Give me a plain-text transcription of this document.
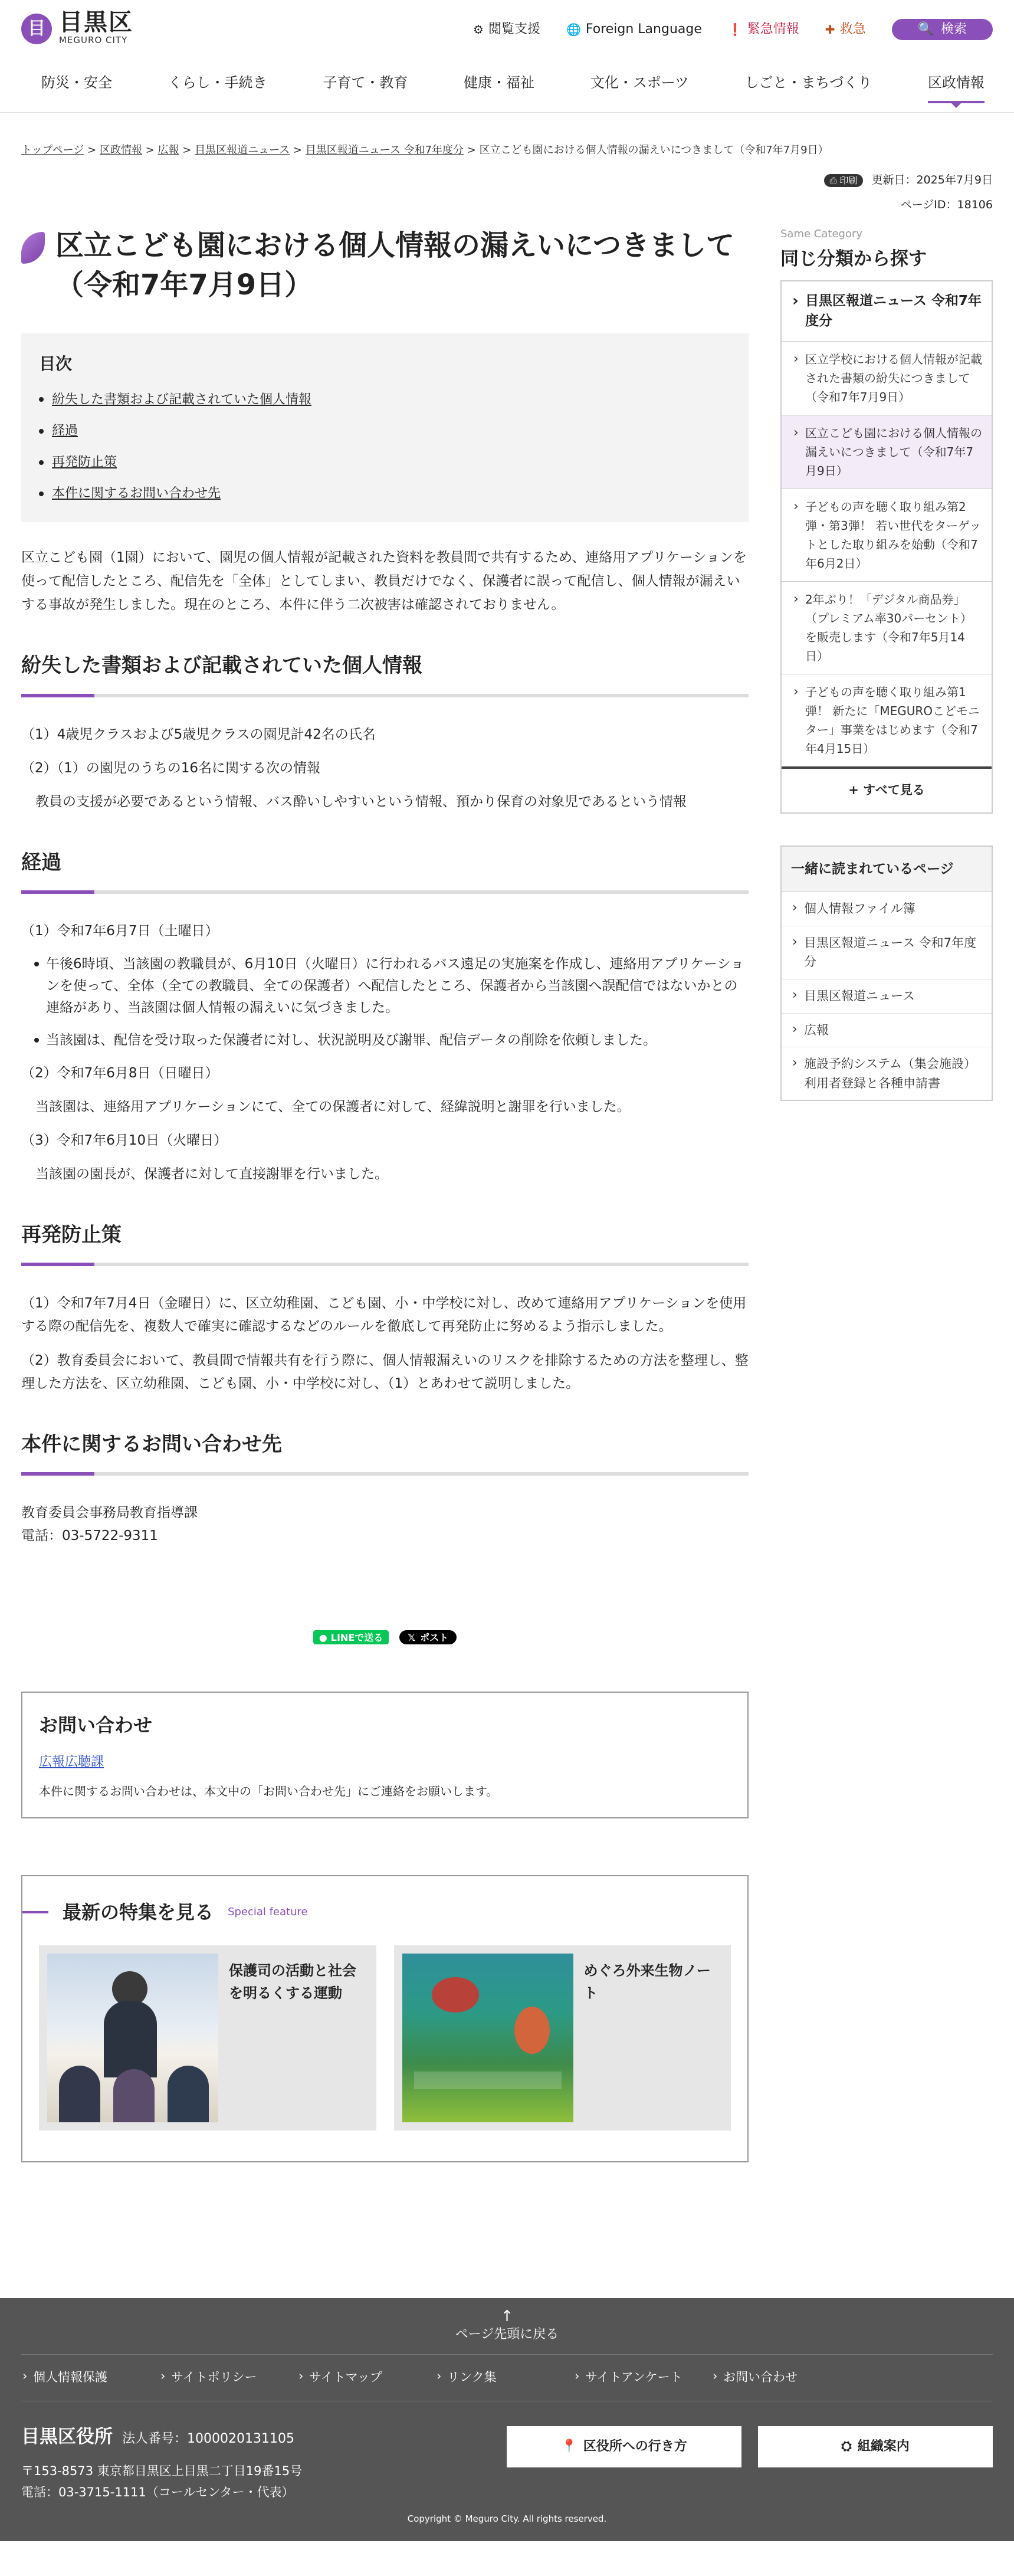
目 目黒区
MEGURO CITY
⚙ 閲覧支援 🌐 Foreign Language ❗ 緊急情報 ✚ 救急	🔍 検索
防災・安全	くらし・手続き	子育て・教育	健康・福祉	文化・スポーツ	しごと・まちづくり	区政情報
トップページ > 区政情報 > 広報 > 目黒区報道ニュース > 目黒区報道ニュース 令和7年度分 > 区立こども園における個人情報の漏えいにつきまして（令和7年7月9日）
⎙
印刷 更新日：2025年7月9日
ページID：18106
区立こども園における個人情報の漏えいにつきまして（令和7年7月9日）
目次
紛失した書類および記載されていた個人情報
経過
再発防止策
本件に関するお問い合わせ先

区立こども園（1園）において、園児の個人情報が記載された資料を教員間で共有するため、連絡用アプリケーションを使って配信したところ、配信先を「全体」としてしまい、教員だけでなく、保護者に誤って配信し、個人情報が漏えいする事故が発生しました。現在のところ、本件に伴う二次被害は確認されておりません。

紛失した書類および記載されていた個人情報

（1）4歳児クラスおよび5歳児クラスの園児計42名の氏名

（2）（1）の園児のうちの16名に関する次の情報

教員の支援が必要であるという情報、バス酔いしやすいという情報、預かり保育の対象児であるという情報

経過

（1）令和7年6月7日（土曜日）

午後6時頃、当該園の教職員が、6月10日（火曜日）に行われるバス遠足の実施案を作成し、連絡用アプリケーションを使って、全体（全ての教職員、全ての保護者）へ配信したところ、保護者から当該園へ誤配信ではないかとの連絡があり、当該園は個人情報の漏えいに気づきました。
当該園は、配信を受け取った保護者に対し、状況説明及び謝罪、配信データの削除を依頼しました。

（2）令和7年6月8日（日曜日）

当該園は、連絡用アプリケーションにて、全ての保護者に対して、経緯説明と謝罪を行いました。

（3）令和7年6月10日（火曜日）

当該園の園長が、保護者に対して直接謝罪を行いました。

再発防止策

（1）令和7年7月4日（金曜日）に、区立幼稚園、こども園、小・中学校に対し、改めて連絡用アプリケーションを使用する際の配信先を、複数人で確実に確認するなどのルールを徹底して再発防止に努めるよう指示しました。

（2）教育委員会において、教員間で情報共有を行う際に、個人情報漏えいのリスクを排除するための方法を整理し、整理した方法を、区立幼稚園、こども園、小・中学校に対し、（1）とあわせて説明しました。

本件に関するお問い合わせ先

教育委員会事務局教育指導課

電話：03-5722-9311

● LINEで送る	𝕏 ポスト
お問い合わせ
広報広聴課

本件に関するお問い合わせは、本文中の「お問い合わせ先」にご連絡をお願いします。

最新の特集を見る Special feature
保護司の活動と社会を明るくする運動
めぐろ外来生物ノート
Same Category
同じ分類から探す
› 目黒区報道ニュース 令和7年度分
› 区立学校における個人情報が記載された書類の紛失につきまして（令和7年7月9日）
› 区立こども園における個人情報の漏えいにつきまして（令和7年7月9日）
› 子どもの声を聴く取り組み第2弾・第3弾！ 若い世代をターゲットとした取り組みを始動（令和7年6月2日）
› 2年ぶり！「デジタル商品券」（プレミアム率30パーセント）を販売します（令和7年5月14日）
› 子どもの声を聴く取り組み第1弾！ 新たに「MEGUROこどモニター」事業をはじめます（令和7年4月15日）
+ すべて見る
一緒に読まれているページ
› 個人情報ファイル簿
› 目黒区報道ニュース 令和7年度分
› 目黒区報道ニュース
› 広報
› 施設予約システム（集会施設）利用者登録と各種申請書
↑
ページ先頭に戻る
› 個人情報保護	› サイトポリシー	› サイトマップ	› リンク集	› サイトアンケート	› お問い合わせ
目黒区役所 法人番号：1000020131105
〒153-8573 東京都目黒区上目黒二丁目19番15号
電話：03-3715-1111（コールセンター・代表）
📍 区役所への行き方	⛭ 組織案内
Copyright © Meguro City. All rights reserved.
